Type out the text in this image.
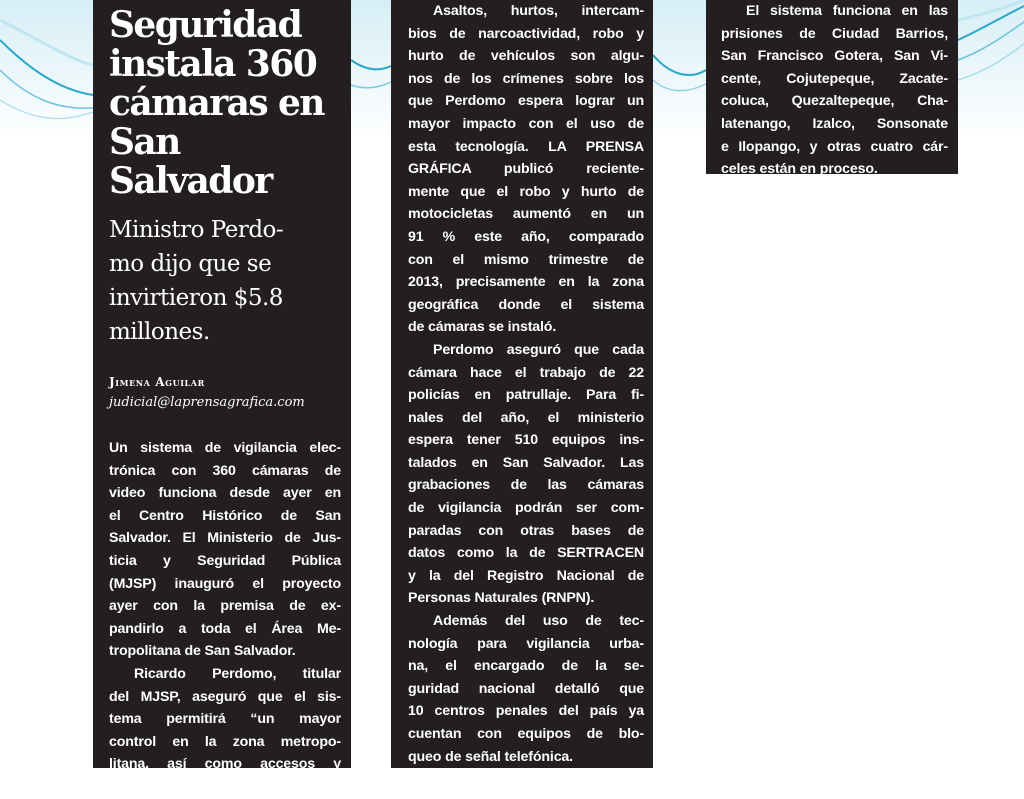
Seguridad
instala 360
cámaras en
San Salvador
Ministro Perdo-
mo dijo que se
invirtieron $5.8
millones.
Jimena Aguilar
judicial@laprensagrafica.com
Un sistema de vigilancia elec-
trónica con 360 cámaras de
video funciona desde ayer en
el Centro Histórico de San
Salvador. El Ministerio de Jus-
ticia y Seguridad Pública
(MJSP) inauguró el proyecto
ayer con la premisa de ex-
pandirlo a toda el Área Me-
tropolitana de San Salvador.
Ricardo Perdomo, titular
del MJSP, aseguró que el sis-
tema permitirá “un mayor
control en la zona metropo-
litana, así como accesos y
salidas de la capital”.
Asaltos, hurtos, intercam-
bios de narcoactividad, robo y
hurto de vehículos son algu-
nos de los crímenes sobre los
que Perdomo espera lograr un
mayor impacto con el uso de
esta tecnología. LA PRENSA
GRÁFICA publicó reciente-
mente que el robo y hurto de
motocicletas aumentó en un
91 % este año, comparado
con el mismo trimestre de
2013, precisamente en la zona
geográfica donde el sistema
de cámaras se instaló.
Perdomo aseguró que cada
cámara hace el trabajo de 22
policías en patrullaje. Para fi-
nales del año, el ministerio
espera tener 510 equipos ins-
talados en San Salvador. Las
grabaciones de las cámaras
de vigilancia podrán ser com-
paradas con otras bases de
datos como la de SERTRACEN
y la del Registro Nacional de
Personas Naturales (RNPN).
Además del uso de tec-
nología para vigilancia urba-
na, el encargado de la se-
guridad nacional detalló que
10 centros penales del país ya
cuentan con equipos de blo-
queo de señal telefónica.
El sistema funciona en las
prisiones de Ciudad Barrios,
San Francisco Gotera, San Vi-
cente, Cojutepeque, Zacate-
coluca, Quezaltepeque, Cha-
latenango, Izalco, Sonsonate
e Ilopango, y otras cuatro cár-
celes están en proceso.
